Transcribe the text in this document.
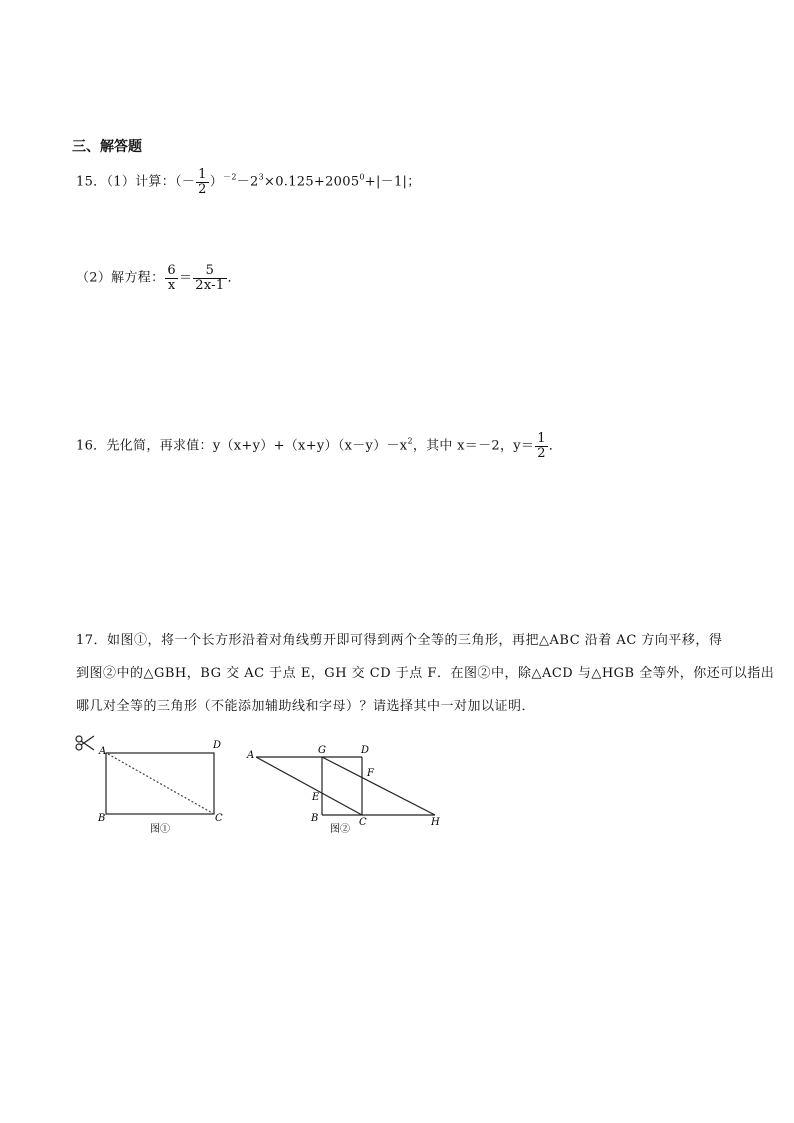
三、解答题
15．（1）计算：（－ $\frac{1}{2} )^{-2}-2^3\times 0.125+2005^0+|-1|$；
（2）解方程： $\frac{6}{x} = \frac{5}{2x-1}$ ．
16．先化简，再求值：$y(x+y)+(x+y)(x-y)-x^2$，其中 x＝－2，$y= \frac{1}{2}$ ．
17．如图①，将一个长方形沿着对角线剪开即可得到两个全等的三角形，再把△ABC 沿着 AC 方向平移，得
到图②中的△GBH，BG 交 AC 于点 E，GH 交 CD 于点 F．在图②中，除△ACD 与△HGB 全等外，你还可以指出
哪几对全等的三角形（不能添加辅助线和字母）？请选择其中一对加以证明．
A
D
B	C
图①
A	G	D
F
E
B	C	H
图②
